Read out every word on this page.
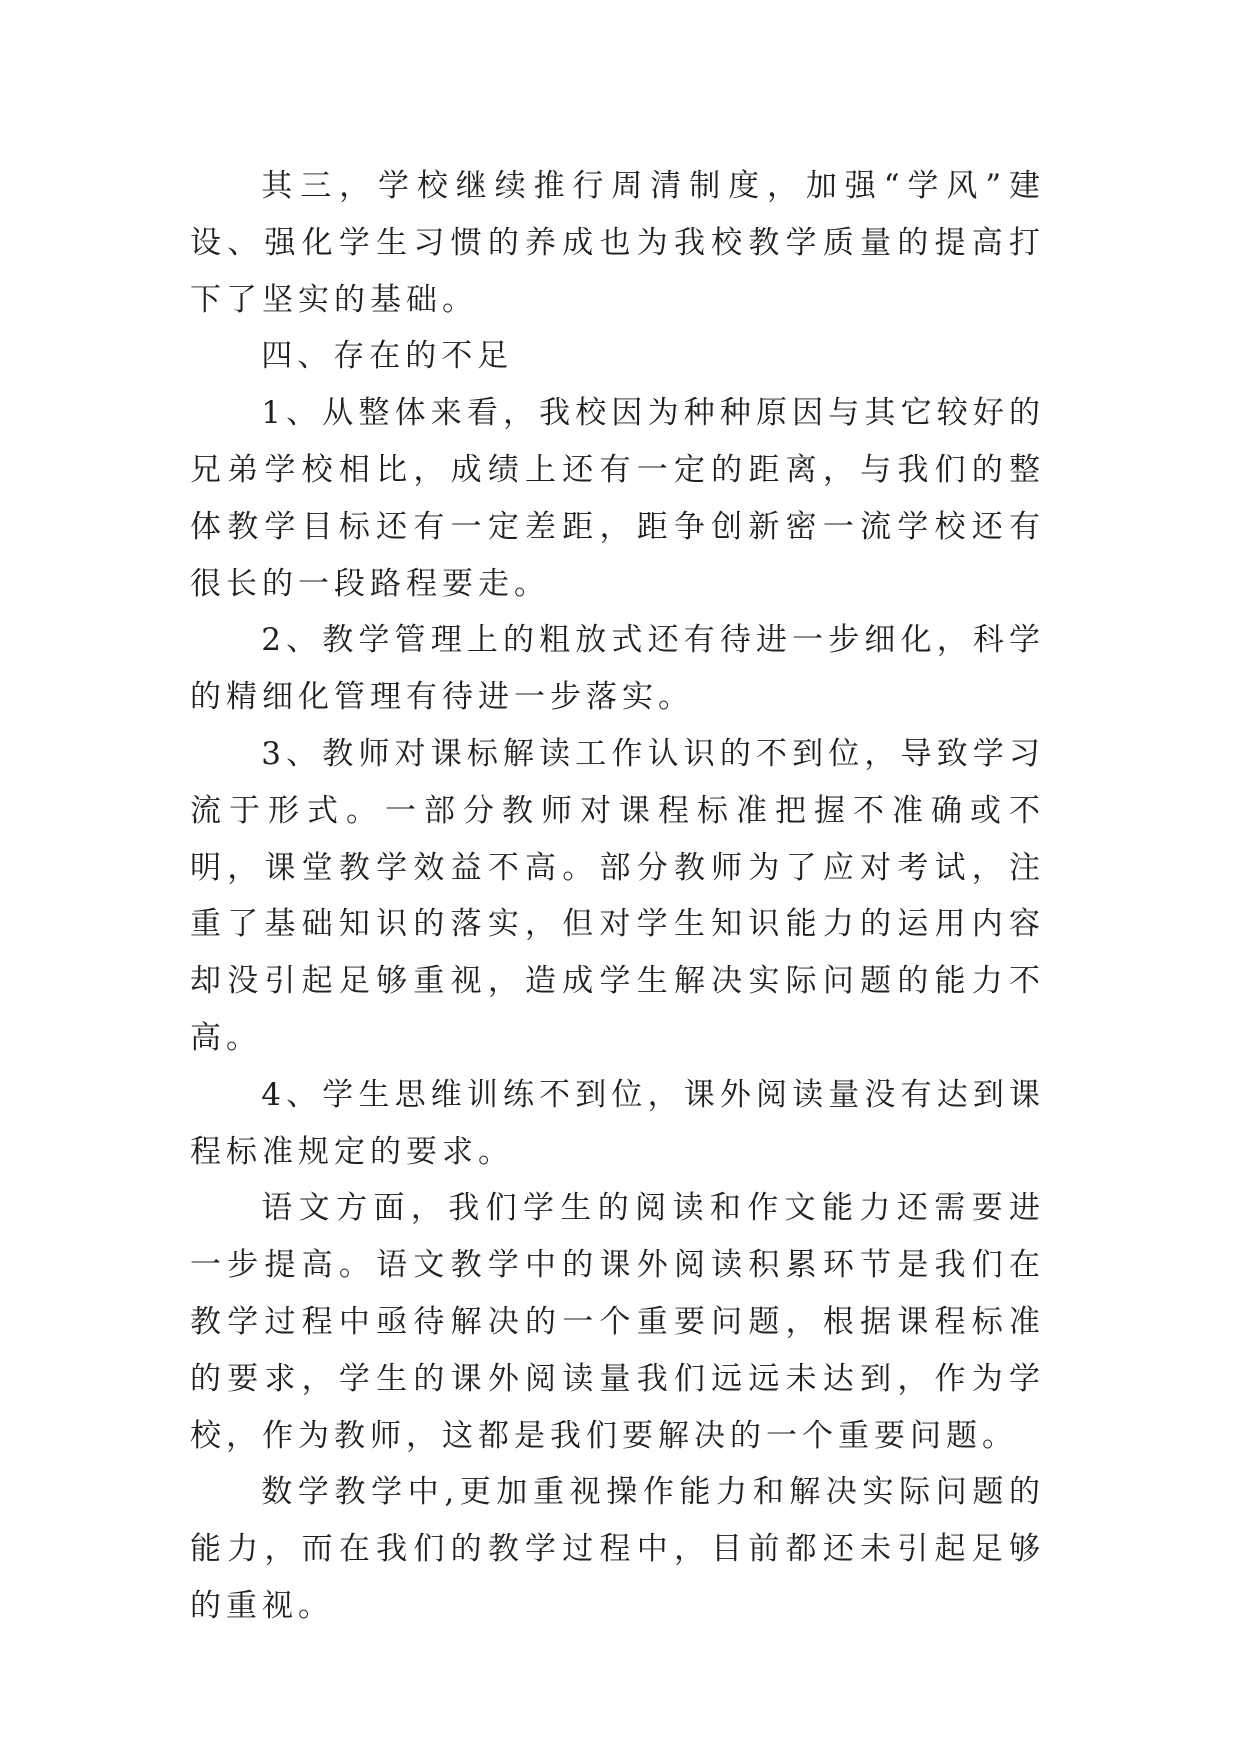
其三，学校继续推行周清制度，加强“学风”建设、强化学生习惯的养成也为我校教学质量的提高打下了坚实的基础。

四、存在的不足

1、从整体来看，我校因为种种原因与其它较好的兄弟学校相比，成绩上还有一定的距离，与我们的整体教学目标还有一定差距，距争创新密一流学校还有很长的一段路程要走。

2、教学管理上的粗放式还有待进一步细化，科学的精细化管理有待进一步落实。

3、教师对课标解读工作认识的不到位，导致学习流于形式。一部分教师对课程标准把握不准确或不明，课堂教学效益不高。部分教师为了应对考试，注重了基础知识的落实，但对学生知识能力的运用内容却没引起足够重视，造成学生解决实际问题的能力不高。

4、学生思维训练不到位，课外阅读量没有达到课程标准规定的要求。

语文方面，我们学生的阅读和作文能力还需要进一步提高。语文教学中的课外阅读积累环节是我们在教学过程中亟待解决的一个重要问题，根据课程标准的要求，学生的课外阅读量我们远远未达到，作为学校，作为教师，这都是我们要解决的一个重要问题。

数学教学中,更加重视操作能力和解决实际问题的能力，而在我们的教学过程中，目前都还未引起足够的重视。
